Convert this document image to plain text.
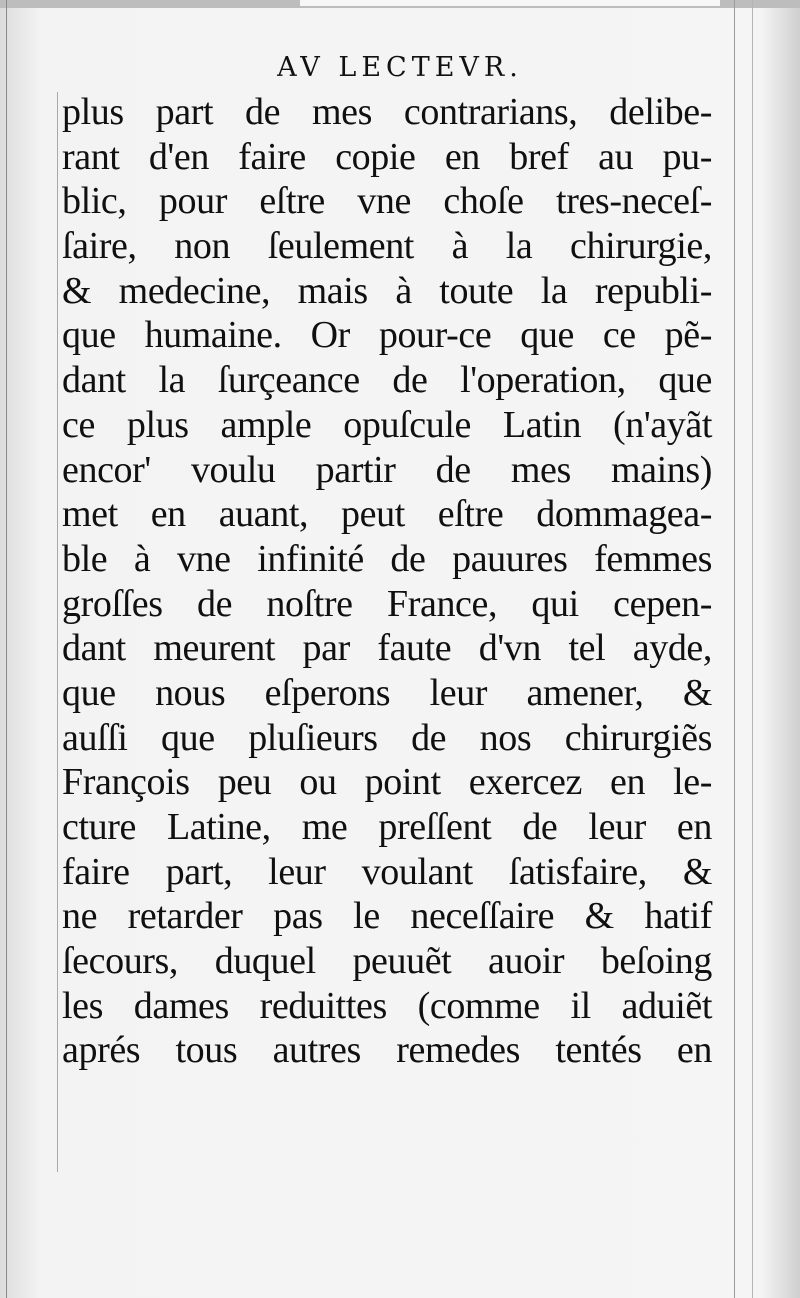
AV LECTEVR.
plus part de mes contrarians, delibe-
rant d'en faire copie en bref au pu-
blic, pour eſtre vne choſe tres-neceſ-
ſaire, non ſeulement à la chirurgie,
& medecine, mais à toute la republi-
que humaine. Or pour-ce que ce pẽ-
dant la ſurçeance de l'operation, que
ce plus ample opuſcule Latin (n'ayãt
encor' voulu partir de mes mains)
met en auant, peut eſtre dommagea-
ble à vne infinité de pauures femmes
groſſes de noſtre France, qui cepen-
dant meurent par faute d'vn tel ayde,
que nous eſperons leur amener, &
auſſi que pluſieurs de nos chirurgiẽs
François peu ou point exercez en le-
cture Latine, me preſſent de leur en
faire part, leur voulant ſatisfaire, &
ne retarder pas le neceſſaire & hatif
ſecours, duquel peuuẽt auoir beſoing
les dames reduittes (comme il aduiẽt
aprés tous autres remedes tentés en
